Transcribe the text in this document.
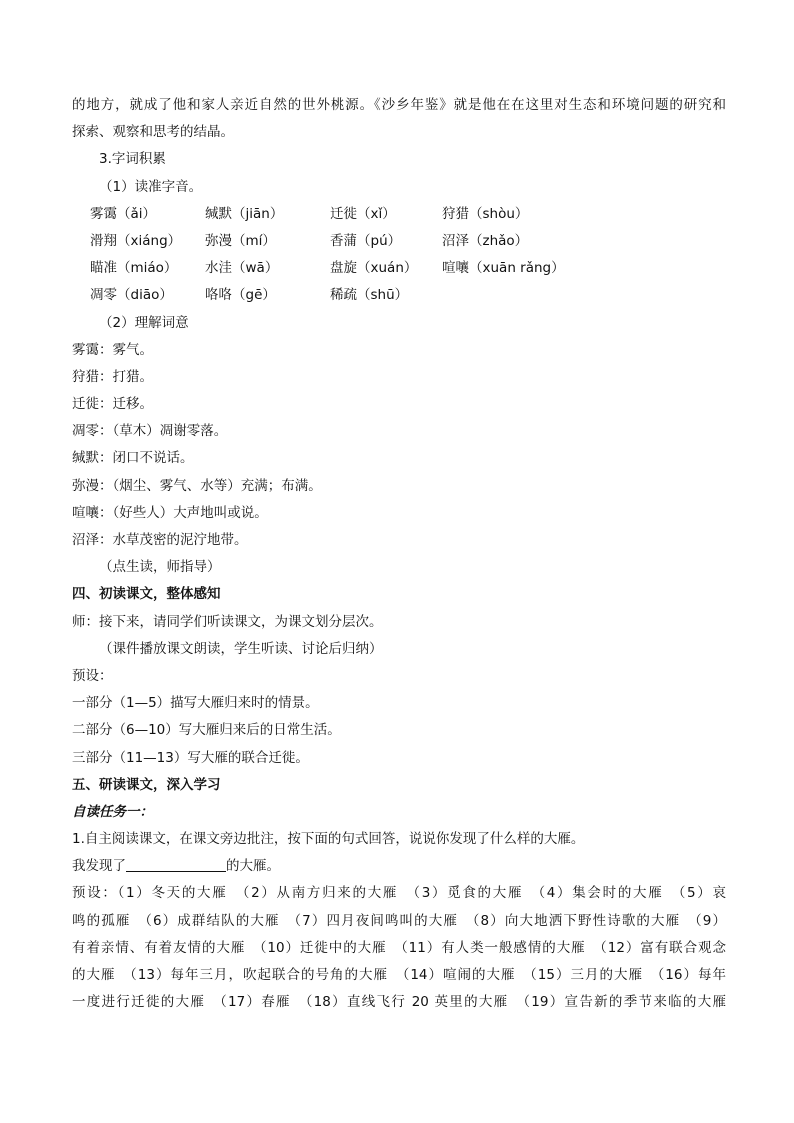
的地方，就成了他和家人亲近自然的世外桃源。《沙乡年鉴》就是他在在这里对生态和环境问题的研究和
探索、观察和思考的结晶。
3.字词积累
（1）读准字音。
雾霭（ǎi）	缄默（jiān）	迁徙（xǐ）	狩猎（shòu）
滑翔（xiáng）	弥漫（mí）	香蒲（pú）	沼泽（zhǎo）
瞄准（miáo）	水洼（wā）	盘旋（xuán）	喧嚷（xuān rǎng）
凋零（diāo）	咯咯（gē）	稀疏（shū）
（2）理解词意
雾霭：雾气。
狩猎：打猎。
迁徙：迁移。
凋零：（草木）凋谢零落。
缄默：闭口不说话。
弥漫：（烟尘、雾气、水等）充满；布满。
喧嚷：（好些人）大声地叫或说。
沼泽：水草茂密的泥泞地带。
（点生读，师指导）
四、初读课文，整体感知
师：接下来，请同学们听读课文，为课文划分层次。
（课件播放课文朗读，学生听读、讨论后归纳）
预设：
一部分（1—5）描写大雁归来时的情景。
二部分（6—10）写大雁归来后的日常生活。
三部分（11—13）写大雁的联合迁徙。
五、研读课文，深入学习
自读任务一：
1.自主阅读课文，在课文旁边批注，按下面的句式回答，说说你发现了什么样的大雁。
我发现了	的大雁。
预设：（1）冬天的大雁　（2）从南方归来的大雁　（3）觅食的大雁　（4）集会时的大雁　（5）哀
鸣的孤雁　（6）成群结队的大雁　（7）四月夜间鸣叫的大雁　（8）向大地洒下野性诗歌的大雁　（9）
有着亲情、有着友情的大雁　（10）迁徙中的大雁　（11）有人类一般感情的大雁　（12）富有联合观念
的大雁　（13）每年三月，吹起联合的号角的大雁　（14）喧闹的大雁　（15）三月的大雁　（16）每年
一度进行迁徙的大雁　（17）春雁　（18）直线飞行 20 英里的大雁　（19）宣告新的季节来临的大雁
